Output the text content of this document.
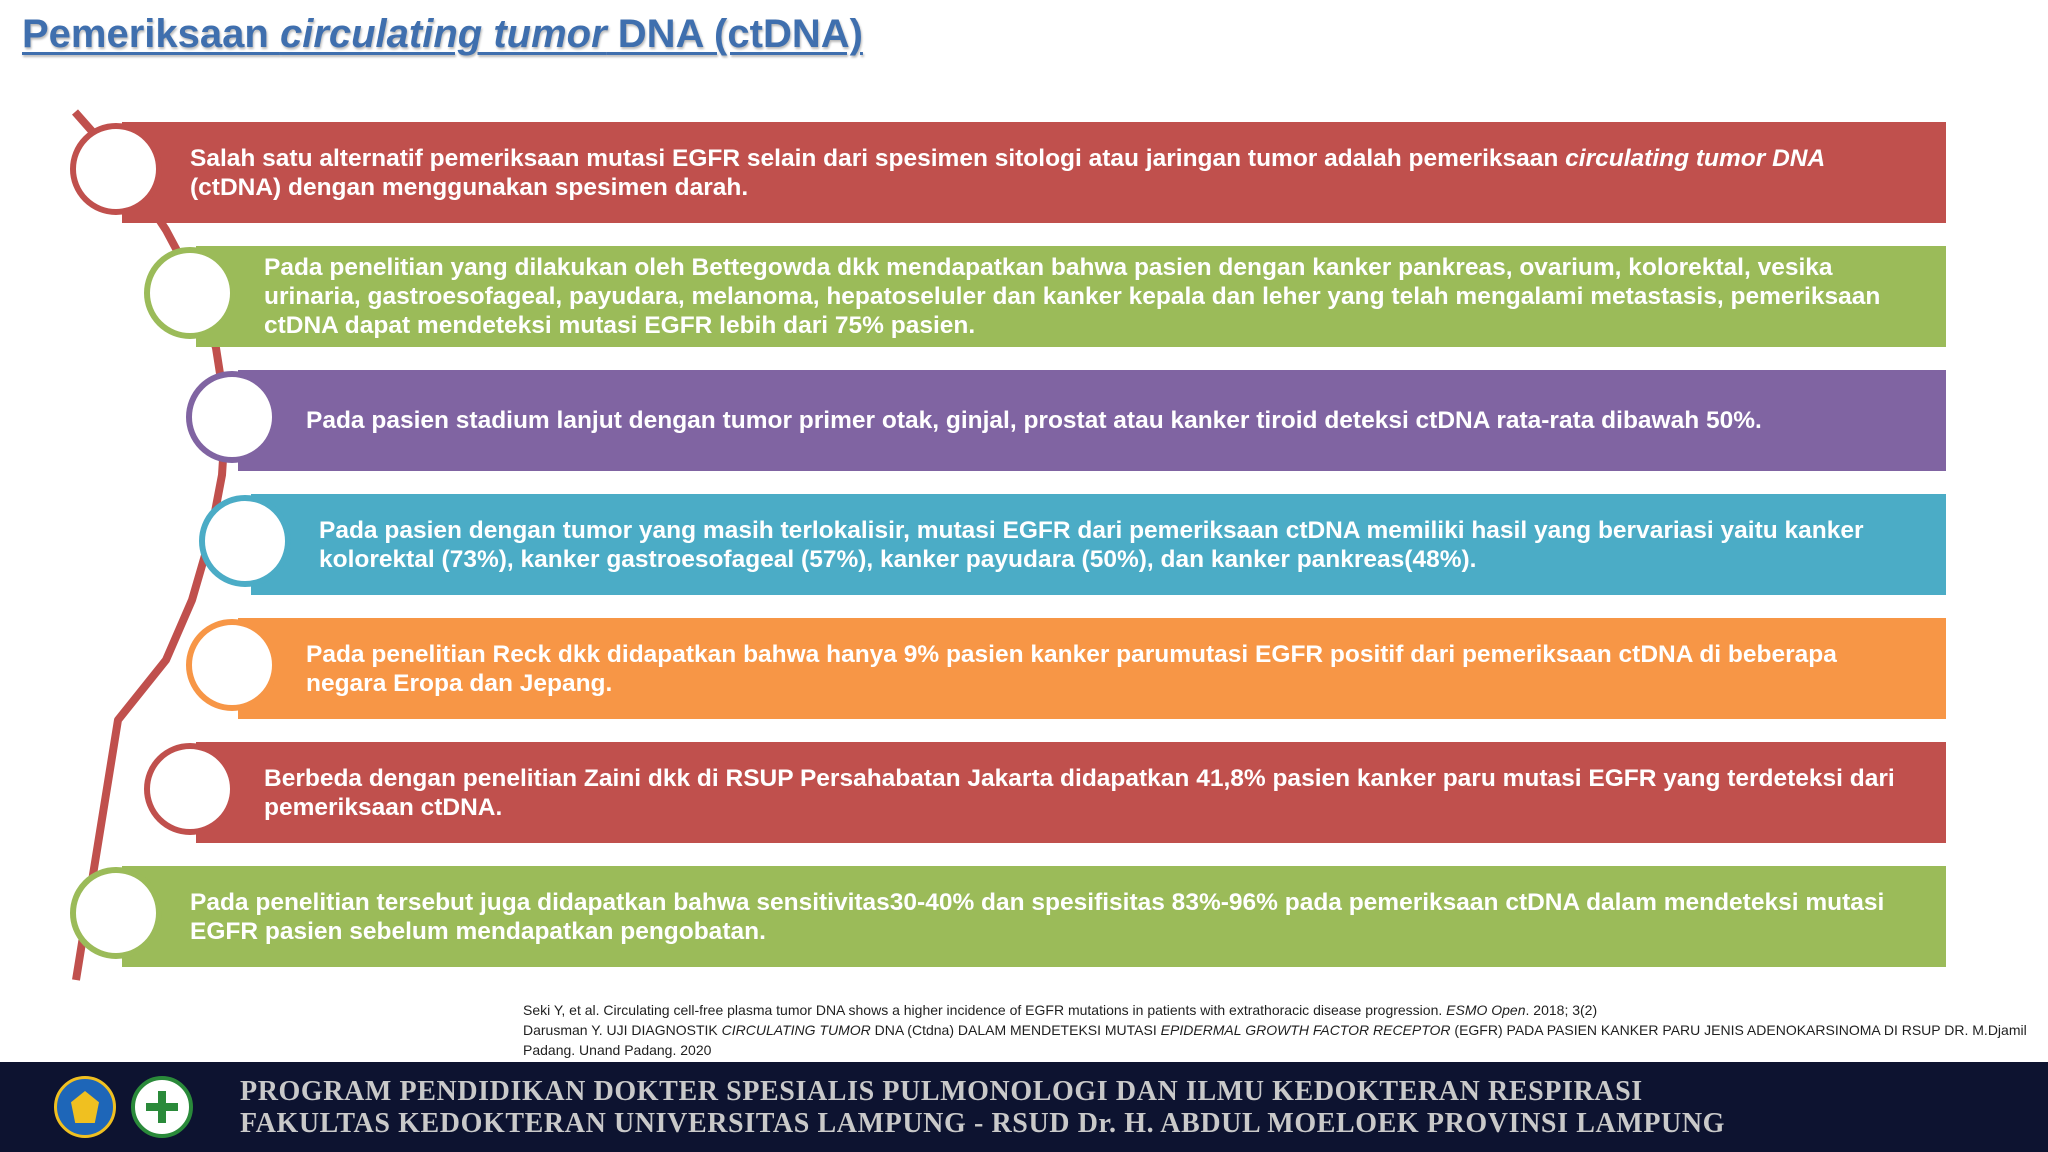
Pemeriksaan circulating tumor DNA (ctDNA)
Salah satu alternatif pemeriksaan mutasi EGFR selain dari spesimen sitologi atau jaringan tumor adalah pemeriksaan circulating tumor DNA (ctDNA) dengan menggunakan spesimen darah.
Pada penelitian yang dilakukan oleh Bettegowda dkk mendapatkan bahwa pasien dengan kanker pankreas, ovarium, kolorektal, vesika urinaria, gastroesofageal, payudara, melanoma, hepatoseluler dan kanker kepala dan leher yang telah mengalami metastasis, pemeriksaan ctDNA dapat mendeteksi mutasi EGFR lebih dari 75% pasien.
Pada pasien stadium lanjut dengan tumor primer otak, ginjal, prostat atau kanker tiroid deteksi ctDNA rata-rata dibawah 50%.
Pada pasien dengan tumor yang masih terlokalisir, mutasi EGFR dari pemeriksaan ctDNA memiliki hasil yang bervariasi yaitu kanker kolorektal (73%), kanker gastroesofageal (57%), kanker payudara (50%), dan kanker pankreas(48%).
Pada penelitian Reck dkk didapatkan bahwa hanya 9% pasien kanker parumutasi EGFR positif dari pemeriksaan ctDNA di beberapa negara Eropa dan Jepang.
Berbeda dengan penelitian Zaini dkk di RSUP Persahabatan Jakarta didapatkan 41,8% pasien kanker paru mutasi EGFR yang terdeteksi dari pemeriksaan ctDNA.
Pada penelitian tersebut juga didapatkan bahwa sensitivitas30-40% dan spesifisitas 83%-96% pada pemeriksaan ctDNA dalam mendeteksi mutasi EGFR pasien sebelum mendapatkan pengobatan.
Seki Y, et al. Circulating cell-free plasma tumor DNA shows a higher incidence of EGFR mutations in patients with extrathoracic disease progression. ESMO Open. 2018; 3(2)
Darusman Y. UJI DIAGNOSTIK CIRCULATING TUMOR DNA (Ctdna) DALAM MENDETEKSI MUTASI EPIDERMAL GROWTH FACTOR RECEPTOR (EGFR) PADA PASIEN KANKER PARU JENIS ADENOKARSINOMA DI RSUP DR. M.Djamil
Padang. Unand Padang. 2020
PROGRAM PENDIDIKAN DOKTER SPESIALIS PULMONOLOGI DAN ILMU KEDOKTERAN RESPIRASI
FAKULTAS KEDOKTERAN UNIVERSITAS LAMPUNG - RSUD Dr. H. ABDUL MOELOEK PROVINSI LAMPUNG
